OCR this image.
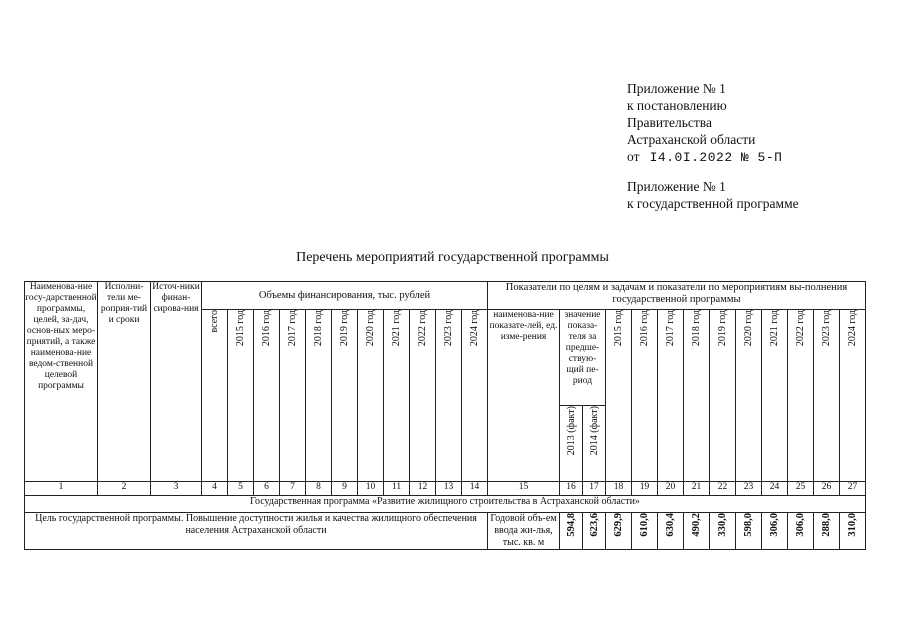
Приложение № 1
к постановлению
Правительства
Астраханской области
от I4.0I.2022 № 5-П
Приложение № 1
к государственной программе
Перечень мероприятий государственной программы
Наименова-ние госу-дарственной программы, целей, за-дач, основ-ных меро-приятий, а также наименова-ние ведом-ственной целевой программы	Исполни-тели ме-роприя-тий и сроки	Источ-ники финан-сирова-ния	Объемы финансирования, тыс. рублей											Показатели по целям и задачам и показатели по мероприятиям вы-полнения государственной программы												
			всего	2015 год	2016 год	2017 год	2018 год	2019 год	2020 год	2021 год	2022 год	2023 год	2024 год	наименова-ние показате-лей, ед. изме-рения	значение показа-теля за предше-ствую-щий пе-риод		2015 год	2016 год	2017 год	2018 год	2019 год	2020 год	2021 год	2022 год	2023 год	2024 год
															2013 (факт)	2014 (факт)										
1	2	3	4	5	6	7	8	9	10	11	12	13	14	15	16	17	18	19	20	21	22	23	24	25	26	27
Государственная программа «Развитие жилищного строительства в Астраханской области»																										
Цель государственной программы. Повышение доступности жилья и качества жилищного обеспечения населения Астраханской области														Годовой объ-ем ввода жи-лья, тыс. кв. м	594,8	623,6	629,9	610,0	630,4	490,2	330,0	598,0	306,0	306,0	288,0	310,0
